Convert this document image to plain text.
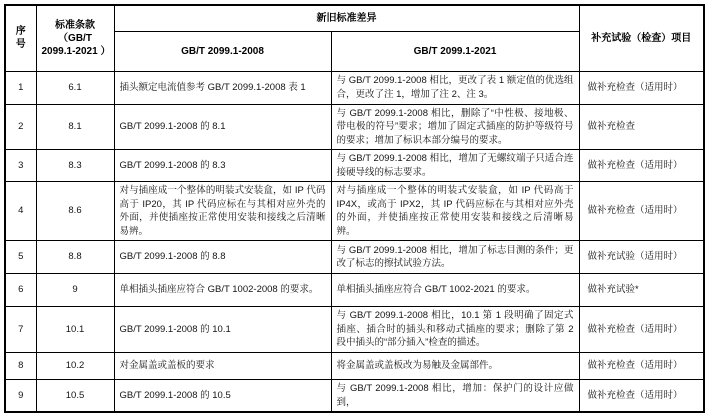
序号	标准条款 （GB/T 2099.1-2021 ）	新旧标准差异		补充试验（检查）项目
		GB/T 2099.1-2008	GB/T 2099.1-2021	
1	6.1	插头额定电流值参考 GB/T 2099.1-2008 表 1	与 GB/T 2099.1-2008 相比，更改了表 1 额定值的优选组合，更改了注 1，增加了注 2、注 3。	做补充检查（适用时）
2	8.1	GB/T 2099.1-2008 的 8.1	与 GB/T 2099.1-2008 相比，删除了“中性极、接地极、带电极的符号”要求；增加了固定式插座的防护等级符号的要求；增加了标识本部分编号的要求。	做补充检查
3	8.3	GB/T 2099.1-2008 的 8.3	与 GB/T 2099.1-2008 相比，增加了无螺纹端子只适合连接硬导线的标志要求。	做补充检查（适用时）
4	8.6	对与插座成一个整体的明装式安装盒，如 IP 代码高于 IP20，其 IP 代码应标在与其相对应外壳的外面，并使插座按正常使用安装和接线之后清晰易辨。	对与插座成一个整体的明装式安装盒，如 IP 代码高于 IP4X，或高于 IPX2，其 IP 代码应标在与其相对应外壳的外面，并使插座按正常使用安装和接线之后清晰易辨。	做补充检查（适用时）
5	8.8	GB/T 2099.1-2008 的 8.8	与 GB/T 2099.1-2008 相比，增加了标志目测的条件；更改了标志的擦拭试验方法。	做补充试验（适用时）
6	9	单相插头插座应符合 GB/T 1002-2008 的要求。	单相插头插座应符合 GB/T 1002-2021 的要求。	做补充试验*
7	10.1	GB/T 2099.1-2008 的 10.1	与 GB/T 2099.1-2008 相比，10.1 第 1 段明确了固定式插座、插合时的插头和移动式插座的要求；删除了第 2 段中插头的“部分插入”检查的描述。	做补充检查（适用时）
8	10.2	对金属盖或盖板的要求	将金属盖或盖板改为易触及金属部件。	做补充检查（适用时）
9	10.5	GB/T 2099.1-2008 的 10.5	与 GB/T 2099.1-2008 相比，增加：保护门的设计应做到，	做补充检查（适用时）
